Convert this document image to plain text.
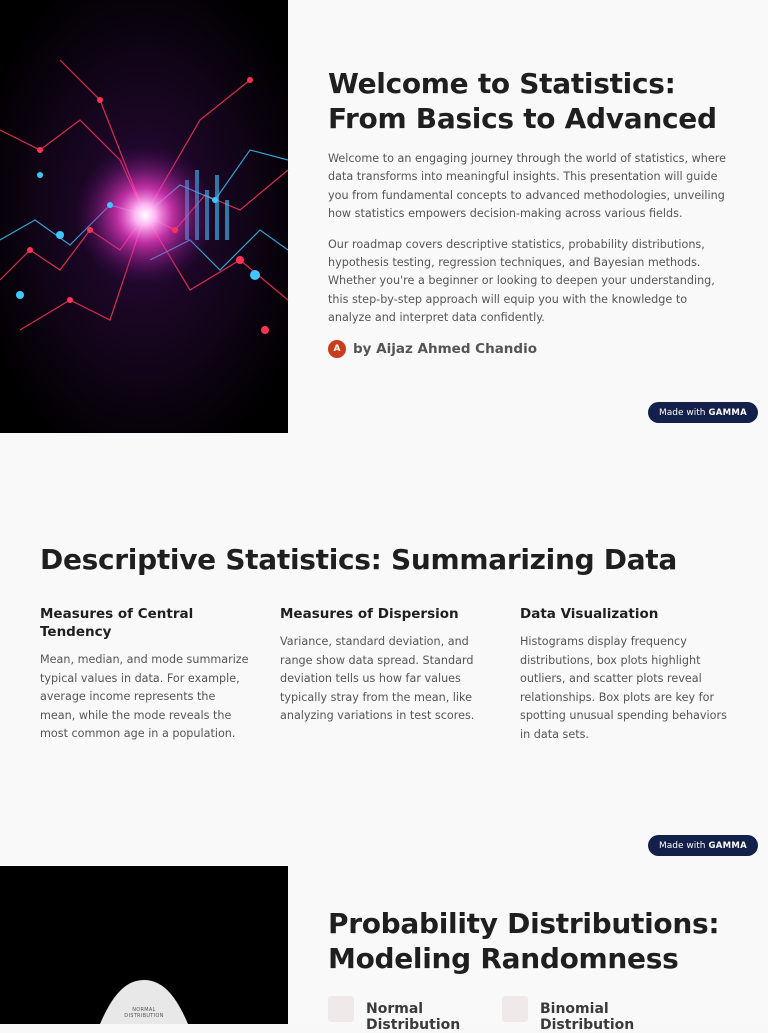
Welcome to Statistics:
From Basics to Advanced

Welcome to an engaging journey through the world of statistics, where data transforms into meaningful insights. This presentation will guide you from fundamental concepts to advanced methodologies, unveiling how statistics empowers decision-making across various fields.

Our roadmap covers descriptive statistics, probability distributions, hypothesis testing, regression techniques, and Bayesian methods. Whether you're a beginner or looking to deepen your understanding, this step-by-step approach will equip you with the knowledge to analyze and interpret data confidently.

A by Aijaz Ahmed Chandio
Made with GAMMA
Descriptive Statistics: Summarizing Data
Measures of Central Tendency
Mean, median, and mode summarize typical values in data. For example, average income represents the mean, while the mode reveals the most common age in a population.
Measures of Dispersion
Variance, standard deviation, and range show data spread. Standard deviation tells us how far values typically stray from the mean, like analyzing variations in test scores.
Data Visualization
Histograms display frequency distributions, box plots highlight outliers, and scatter plots reveal relationships. Box plots are key for spotting unusual spending behaviors in data sets.
Made with GAMMA
NORMAL DISTRIBUTION
Probability Distributions:
Modeling Randomness
Normal Distribution
Binomial Distribution
